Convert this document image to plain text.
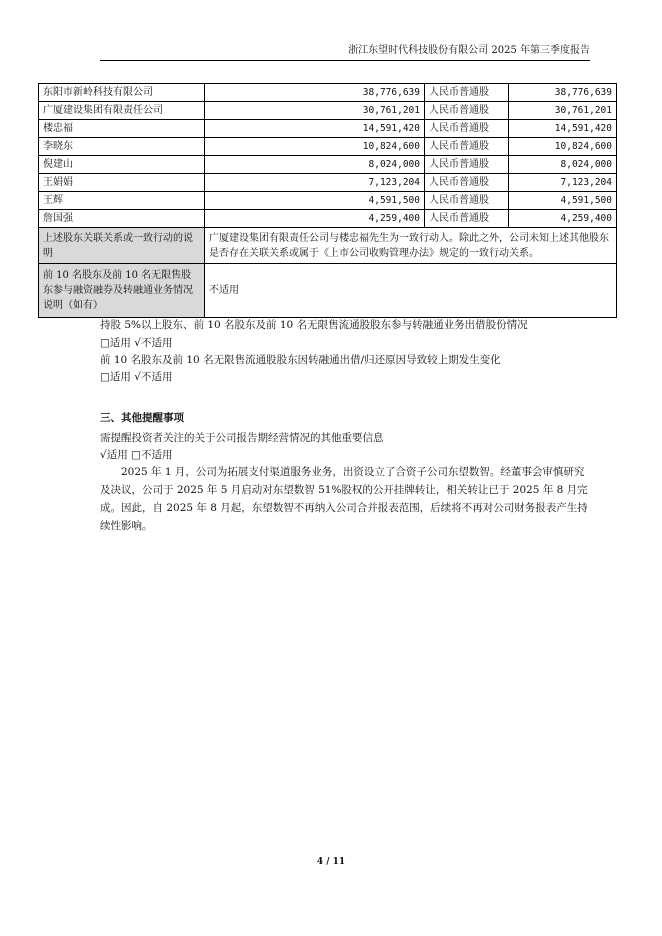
浙江东望时代科技股份有限公司 2025 年第三季度报告
东阳市新岭科技有限公司	38,776,639	人民币普通股	38,776,639
广厦建设集团有限责任公司	30,761,201	人民币普通股	30,761,201
楼忠福	14,591,420	人民币普通股	14,591,420
李晓东	10,824,600	人民币普通股	10,824,600
倪建山	8,024,000	人民币普通股	8,024,000
王娟娟	7,123,204	人民币普通股	7,123,204
王辉	4,591,500	人民币普通股	4,591,500
詹国强	4,259,400	人民币普通股	4,259,400
上述股东关联关系或一致行动的说明	广厦建设集团有限责任公司与楼忠福先生为一致行动人。除此之外，公司未知上述其他股东是否存在关联关系或属于《上市公司收购管理办法》规定的一致行动关系。		
前 10 名股东及前 10 名无限售股东参与融资融券及转融通业务情况说明（如有）	不适用		
持股 5%以上股东、前 10 名股东及前 10 名无限售流通股股东参与转融通业务出借股份情况
□适用 √不适用
前 10 名股东及前 10 名无限售流通股股东因转融通出借/归还原因导致较上期发生变化
□适用 √不适用
三、其他提醒事项
需提醒投资者关注的关于公司报告期经营情况的其他重要信息
√适用 □不适用
2025 年 1 月，公司为拓展支付渠道服务业务，出资设立了合资子公司东望数智。经董事会审慎研究及决议，公司于 2025 年 5 月启动对东望数智 51%股权的公开挂牌转让，相关转让已于 2025 年 8 月完成。因此，自 2025 年 8 月起，东望数智不再纳入公司合并报表范围，后续将不再对公司财务报表产生持续性影响。
4 / 11
